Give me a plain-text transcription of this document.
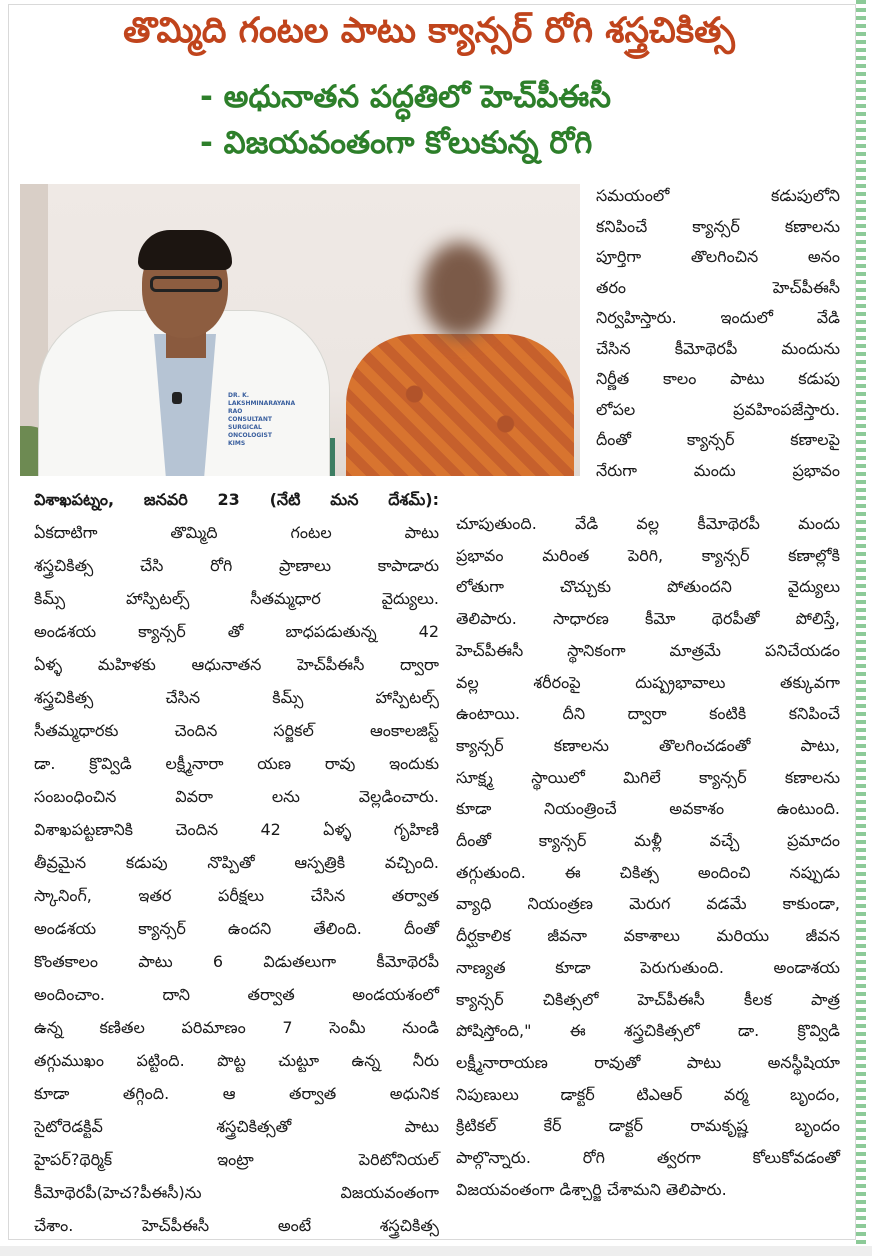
తొమ్మిది గంటల పాటు క్యాన్సర్ రోగి శస్త్రచికిత్స
- అధునాతన పద్ధతిలో హెచ్‌పీఈసీ
- విజయవంతంగా కోలుకున్న రోగి
DR. K. LAKSHMINARAYANA RAO CONSULTANT SURGICAL ONCOLOGIST KIMS
సమయంలో కడుపులోని
కనిపించే క్యాన్సర్ కణాలను
పూర్తిగా తొలగించిన అనం
తరం హెచ్‌పీఈసీ
నిర్వహిస్తారు. ఇందులో వేడి
చేసిన కీమోథెరపీ మందును
నిర్ణీత కాలం పాటు కడుపు
లోపల ప్రవహింపజేస్తారు.
దీంతో క్యాన్సర్ కణాలపై
నేరుగా మందు ప్రభావం
విశాఖపట్నం, జనవరి 23 (నేటి మన దేశమ్):
ఏకదాటిగా తొమ్మిది గంటల పాటు
శస్త్రచికిత్స చేసి రోగి ప్రాణాలు కాపాడారు
కిమ్స్ హాస్పిటల్స్ సీతమ్మధార వైద్యులు.
అండశయ క్యాన్సర్ తో బాధపడుతున్న 42
ఏళ్ళ మహిళకు ఆధునాతన హెచ్‌పీఈసీ ద్వారా
శస్త్రచికిత్స చేసిన కిమ్స్ హాస్పిటల్స్
సీతమ్మధారకు చెందిన సర్జికల్ ఆంకాలజిస్ట్
డా. క్రొవ్విడి లక్ష్మీనారా యణ రావు ఇందుకు
సంబంధించిన వివరా లను వెల్లడించారు.
విశాఖపట్టణానికి చెందిన 42 ఏళ్ళ గృహిణి
తీవ్రమైన కడుపు నొప్పితో ఆస్పత్రికి వచ్చింది.
స్కానింగ్, ఇతర పరీక్షలు చేసిన తర్వాత
అండశయ క్యాన్సర్ ఉందని తేలింది. దీంతో
కొంతకాలం పాటు 6 విడుతలుగా కీమోథెరపీ
అందించాం. దాని తర్వాత అండయశంలో
ఉన్న కణితల పరిమాణం 7 సెంమీ నుండి
తగ్గుముఖం పట్టింది. పొట్ట చుట్టూ ఉన్న నీరు
కూడా తగ్గింది. ఆ తర్వాత అధునిక
సైటోరెడక్టివ్ శస్త్రచికిత్సతో పాటు
హైపర్?థెర్మిక్ ఇంట్రా పెరిటోనియల్
కీమోథెరపీ(హెచ?పీఈసీ)ను విజయవంతంగా
చేశాం. హెచ్‌పీఈసీ అంటే శస్త్రచికిత్స
చూపుతుంది. వేడి వల్ల కీమోథెరపీ మందు
ప్రభావం మరింత పెరిగి, క్యాన్సర్ కణాల్లోకి
లోతుగా చొచ్చుకు పోతుందని వైద్యులు
తెలిపారు. సాధారణ కీమో థెరపీతో పోలిస్తే,
హెచ్‌పీఈసీ స్థానికంగా మాత్రమే పనిచేయడం
వల్ల శరీరంపై దుష్ప్రభావాలు తక్కువగా
ఉంటాయి. దీని ద్వారా కంటికి కనిపించే
క్యాన్సర్ కణాలను తొలగించడంతో పాటు,
సూక్ష్మ స్థాయిలో మిగిలే క్యాన్సర్ కణాలను
కూడా నియంత్రించే అవకాశం ఉంటుంది.
దీంతో క్యాన్సర్ మళ్లీ వచ్చే ప్రమాదం
తగ్గుతుంది. ఈ చికిత్స అందించి నప్పుడు
వ్యాధి నియంత్రణ మెరుగ వడమే కాకుండా,
దీర్ఘకాలిక జీవనా వకాశాలు మరియు జీవన
నాణ్యత కూడా పెరుగుతుంది. అండాశయ
క్యాన్సర్ చికిత్సలో హెచ్‌పీఈసీ కీలక పాత్ర
పోషిస్తోంది," ఈ శస్త్రచికిత్సలో డా. క్రొవ్విడి
లక్ష్మీనారాయణ రావుతో పాటు అనస్థీషియా
నిపుణులు డాక్టర్ టిఎఆర్ వర్మ బృందం,
క్రిటికల్ కేర్ డాక్టర్ రామకృష్ణ బృందం
పాల్గొన్నారు. రోగి త్వరగా కోలుకోవడంతో
విజయవంతంగా డిశ్చార్జి చేశామని తెలిపారు.
